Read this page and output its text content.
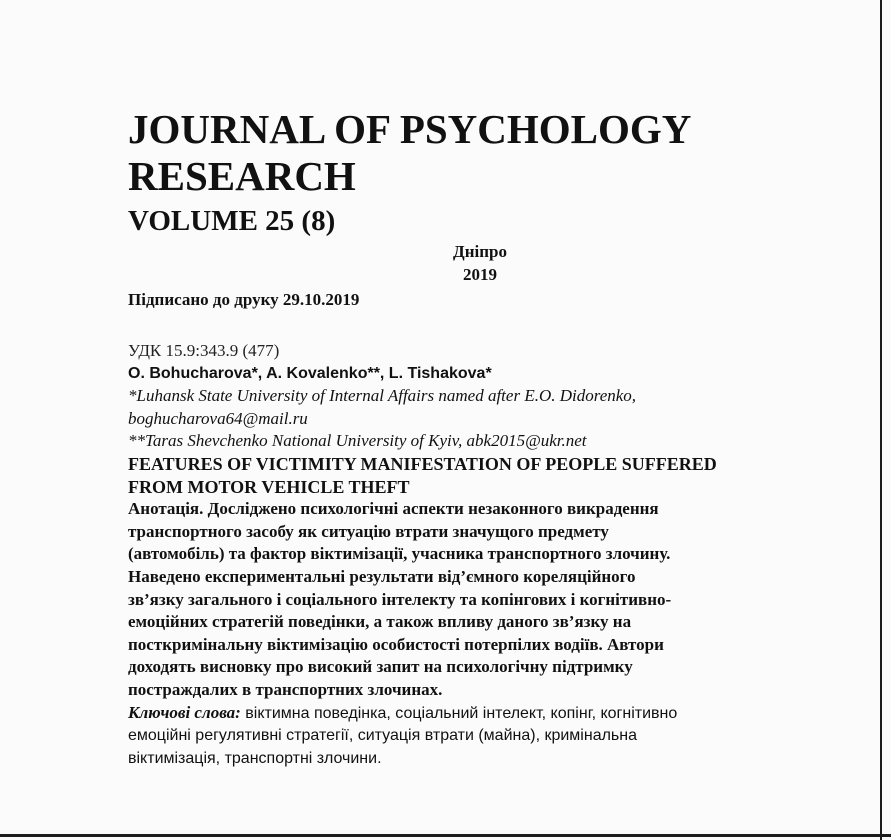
JOURNAL OF PSYCHOLOGY
RESEARCH
VOLUME 25 (8)
Дніпро
2019
Підписано до друку 29.10.2019
УДК 15.9:343.9 (477)
O. Bohucharova*, A. Kovalenko**, L. Tishakova*
*Luhansk State University of Internal Affairs named after E.O. Didorenko,
boghucharova64@mail.ru
**Taras Shevchenko National University of Kyiv, abk2015@ukr.net
FEATURES OF VICTIMITY MANIFESTATION OF PEOPLE SUFFERED
FROM MOTOR VEHICLE THEFT
Анотація. Досліджено психологічні аспекти незаконного викрадення
транспортного засобу як ситуацію втрати значущого предмету
(автомобіль) та фактор віктимізації, учасника транспортного злочину.
Наведено експериментальні результати від’ємного кореляційного
зв’язку загального і соціального інтелекту та копінгових і когнітивно-
емоційних стратегій поведінки, а також впливу даного зв’язку на
посткримінальну віктимізацію особистості потерпілих водіїв. Автори
доходять висновку про високий запит на психологічну підтримку
постраждалих в транспортних злочинах.
Ключові слова: віктимна поведінка, соціальний інтелект, копінг, когнітивно
емоційні регулятивні стратегії, ситуація втрати (майна), кримінальна
віктимізація, транспортні злочини.
